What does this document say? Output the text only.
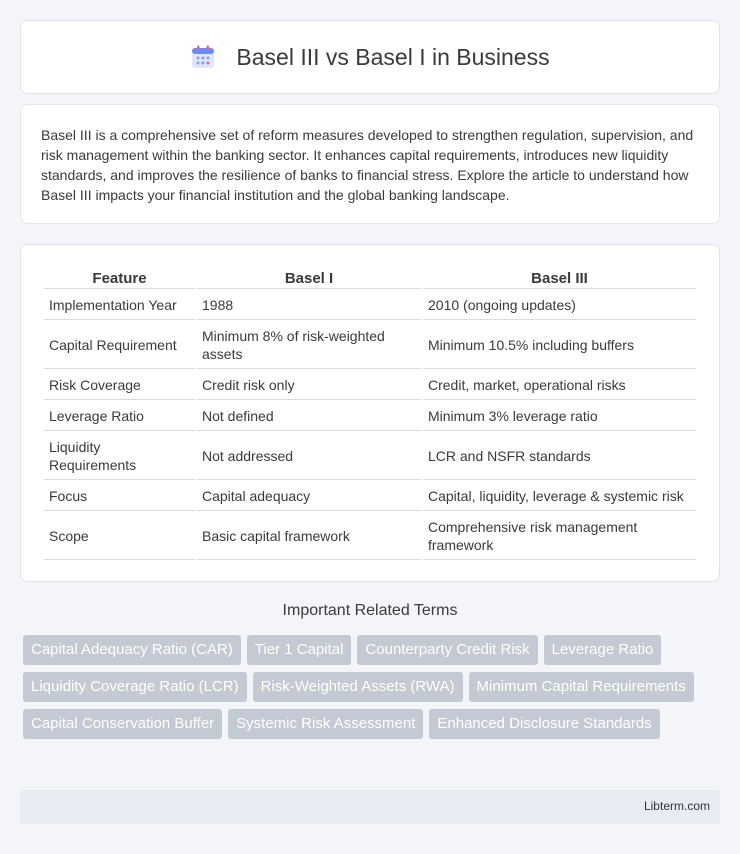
Basel III vs Basel I in Business

Basel III is a comprehensive set of reform measures developed to strengthen regulation, supervision, and risk management within the banking sector. It enhances capital requirements, introduces new liquidity standards, and improves the resilience of banks to financial stress. Explore the article to understand how Basel III impacts your financial institution and the global banking landscape.

Feature	Basel I	Basel III
Implementation Year	1988	2010 (ongoing updates)
Capital Requirement	Minimum 8% of risk-weighted assets	Minimum 10.5% including buffers
Risk Coverage	Credit risk only	Credit, market, operational risks
Leverage Ratio	Not defined	Minimum 3% leverage ratio
Liquidity Requirements	Not addressed	LCR and NSFR standards
Focus	Capital adequacy	Capital, liquidity, leverage & systemic risk
Scope	Basic capital framework	Comprehensive risk management framework
Important Related Terms
Capital Adequacy Ratio (CAR)	Tier 1 Capital	Counterparty Credit Risk	Leverage Ratio
Liquidity Coverage Ratio (LCR)	Risk-Weighted Assets (RWA)	Minimum Capital Requirements
Capital Conservation Buffer	Systemic Risk Assessment	Enhanced Disclosure Standards
Libterm.com
